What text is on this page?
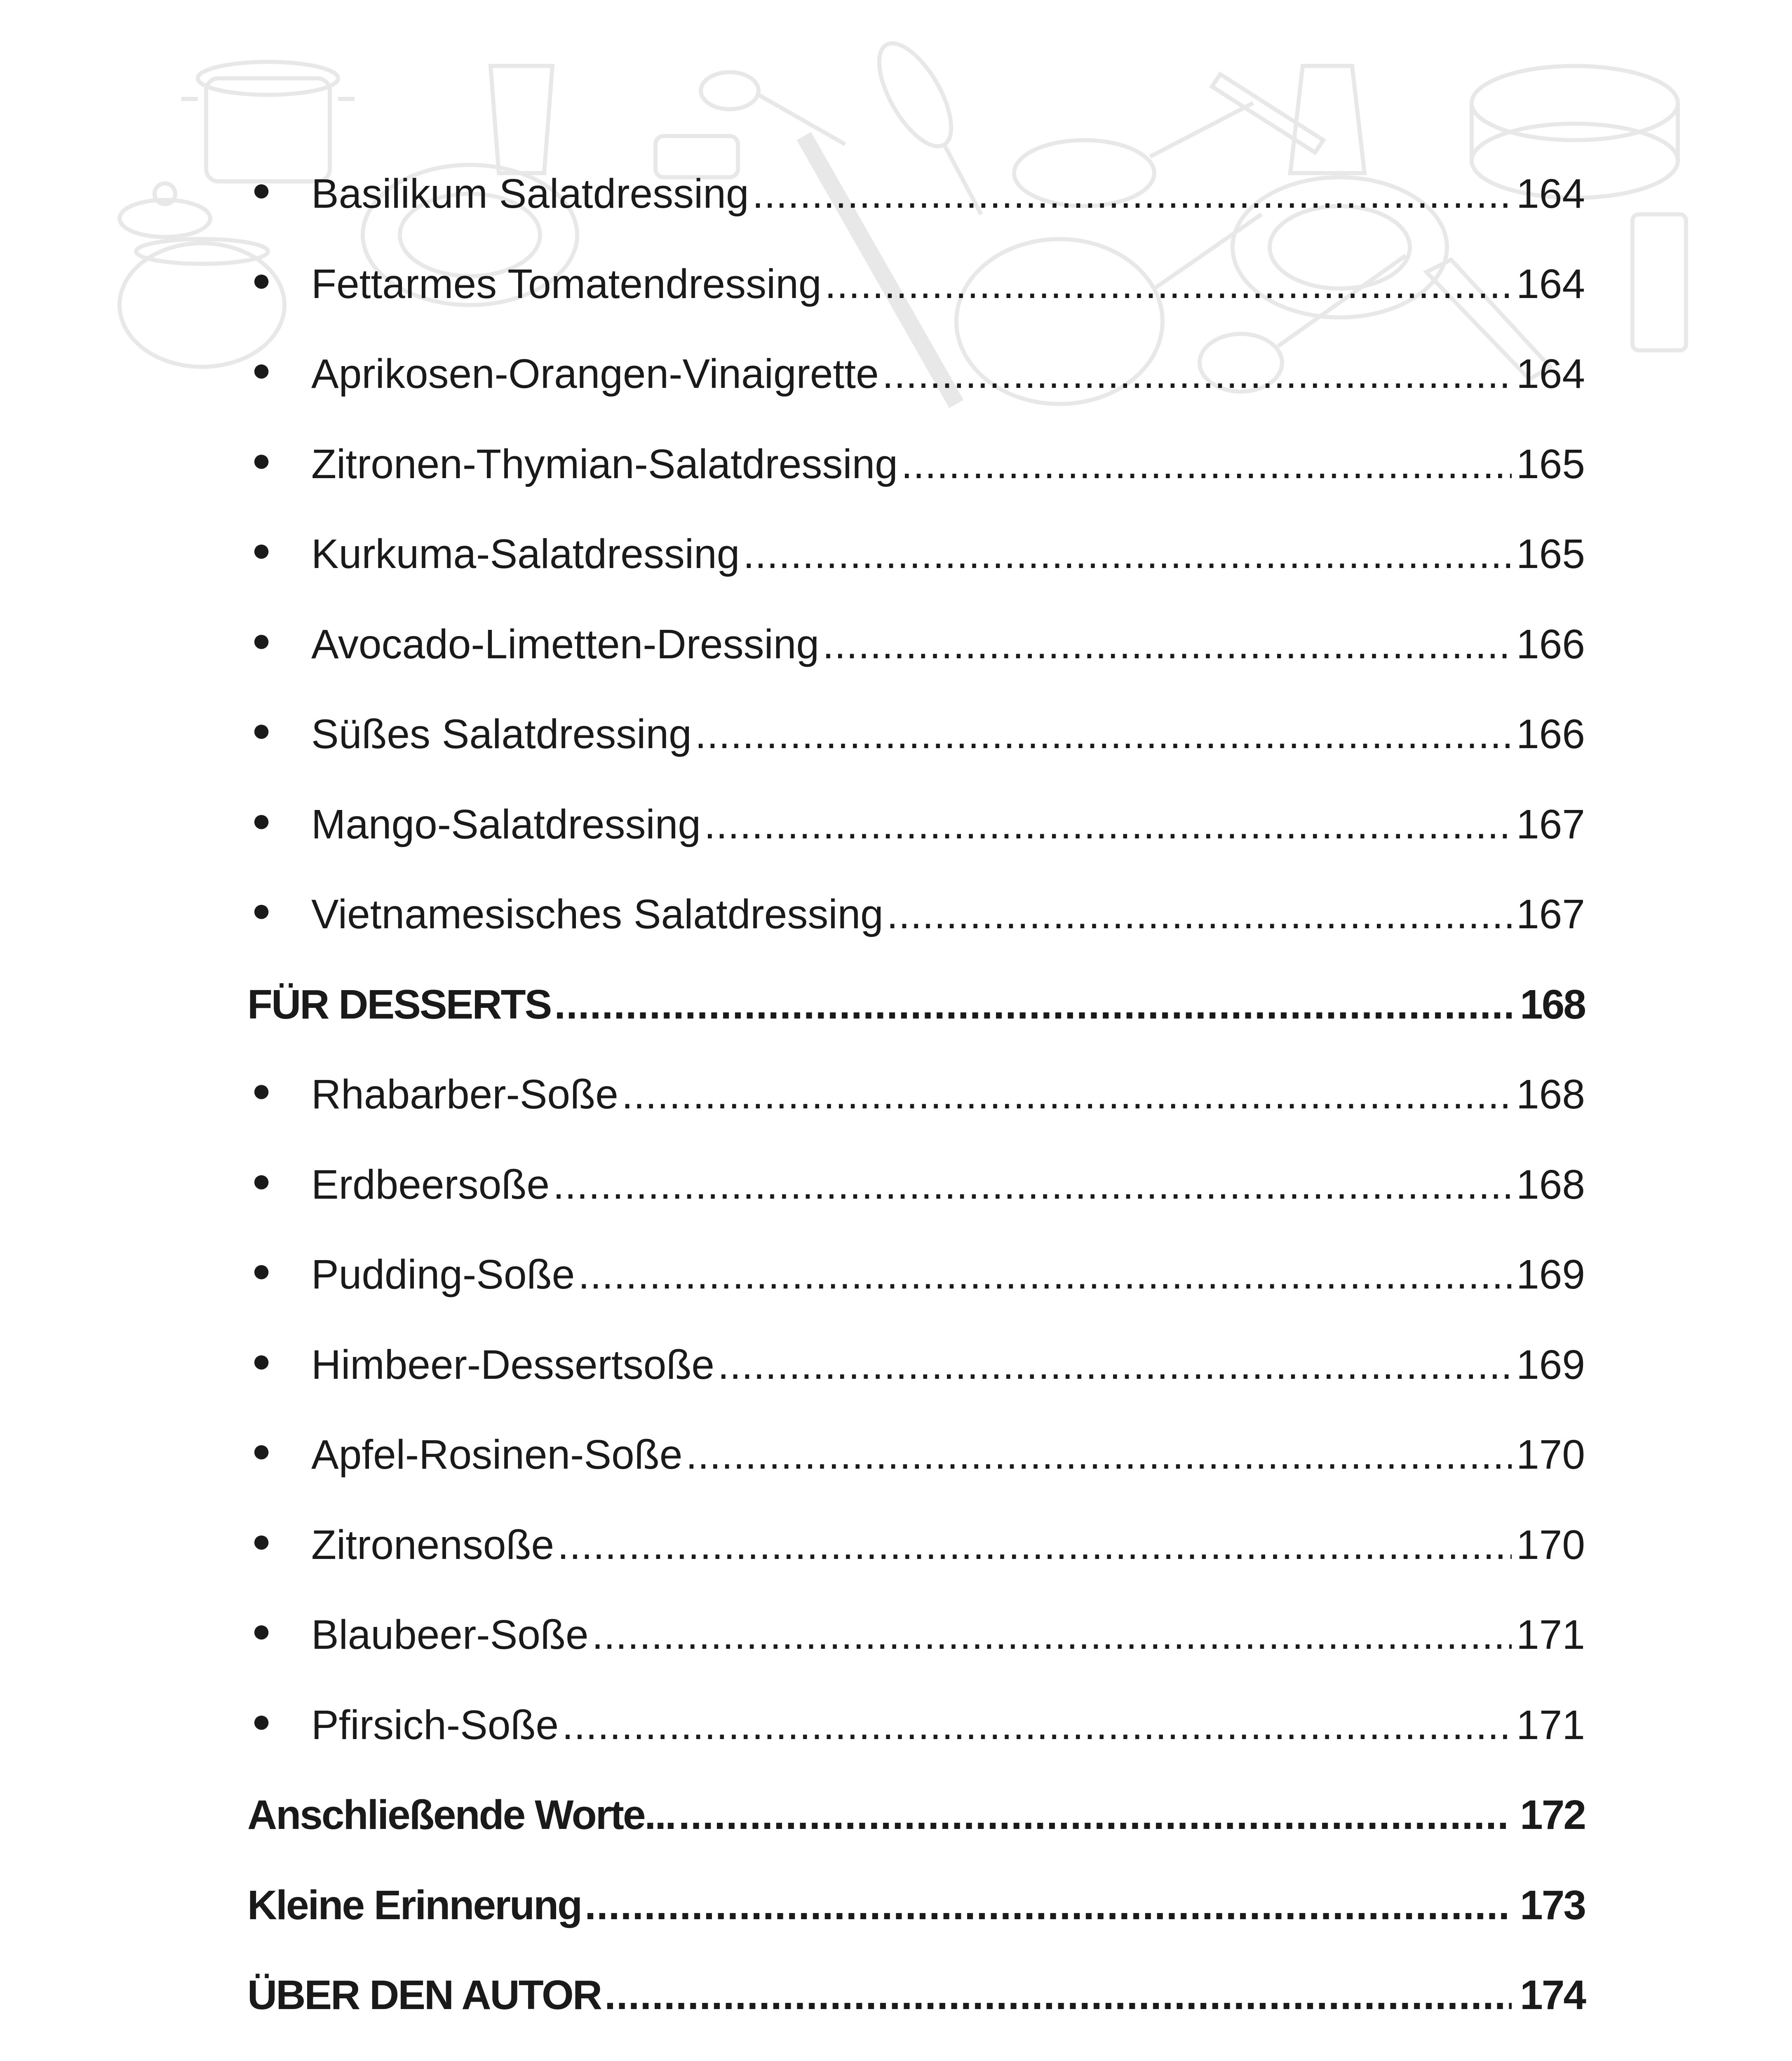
● Basilikum Salatdressing .....	164
● Fettarmes Tomatendressing .....	164
● Aprikosen-Orangen-Vinaigrette .....	164
● Zitronen-Thymian-Salatdressing .....	165
● Kurkuma-Salatdressing .....	165
● Avocado-Limetten-Dressing .....	166
● Süßes Salatdressing .....	166
● Mango-Salatdressing .....	167
● Vietnamesisches Salatdressing .....	167
FÜR DESSERTS .....	168
● Rhabarber-Soße .....	168
● Erdbeersoße .....	168
● Pudding-Soße .....	169
● Himbeer-Dessertsoße .....	169
● Apfel-Rosinen-Soße .....	170
● Zitronensoße .....	170
● Blaubeer-Soße .....	171
● Pfirsich-Soße .....	171
Anschließende Worte... .....	172
Kleine Erinnerung .....	173
ÜBER DEN AUTOR .....	174
